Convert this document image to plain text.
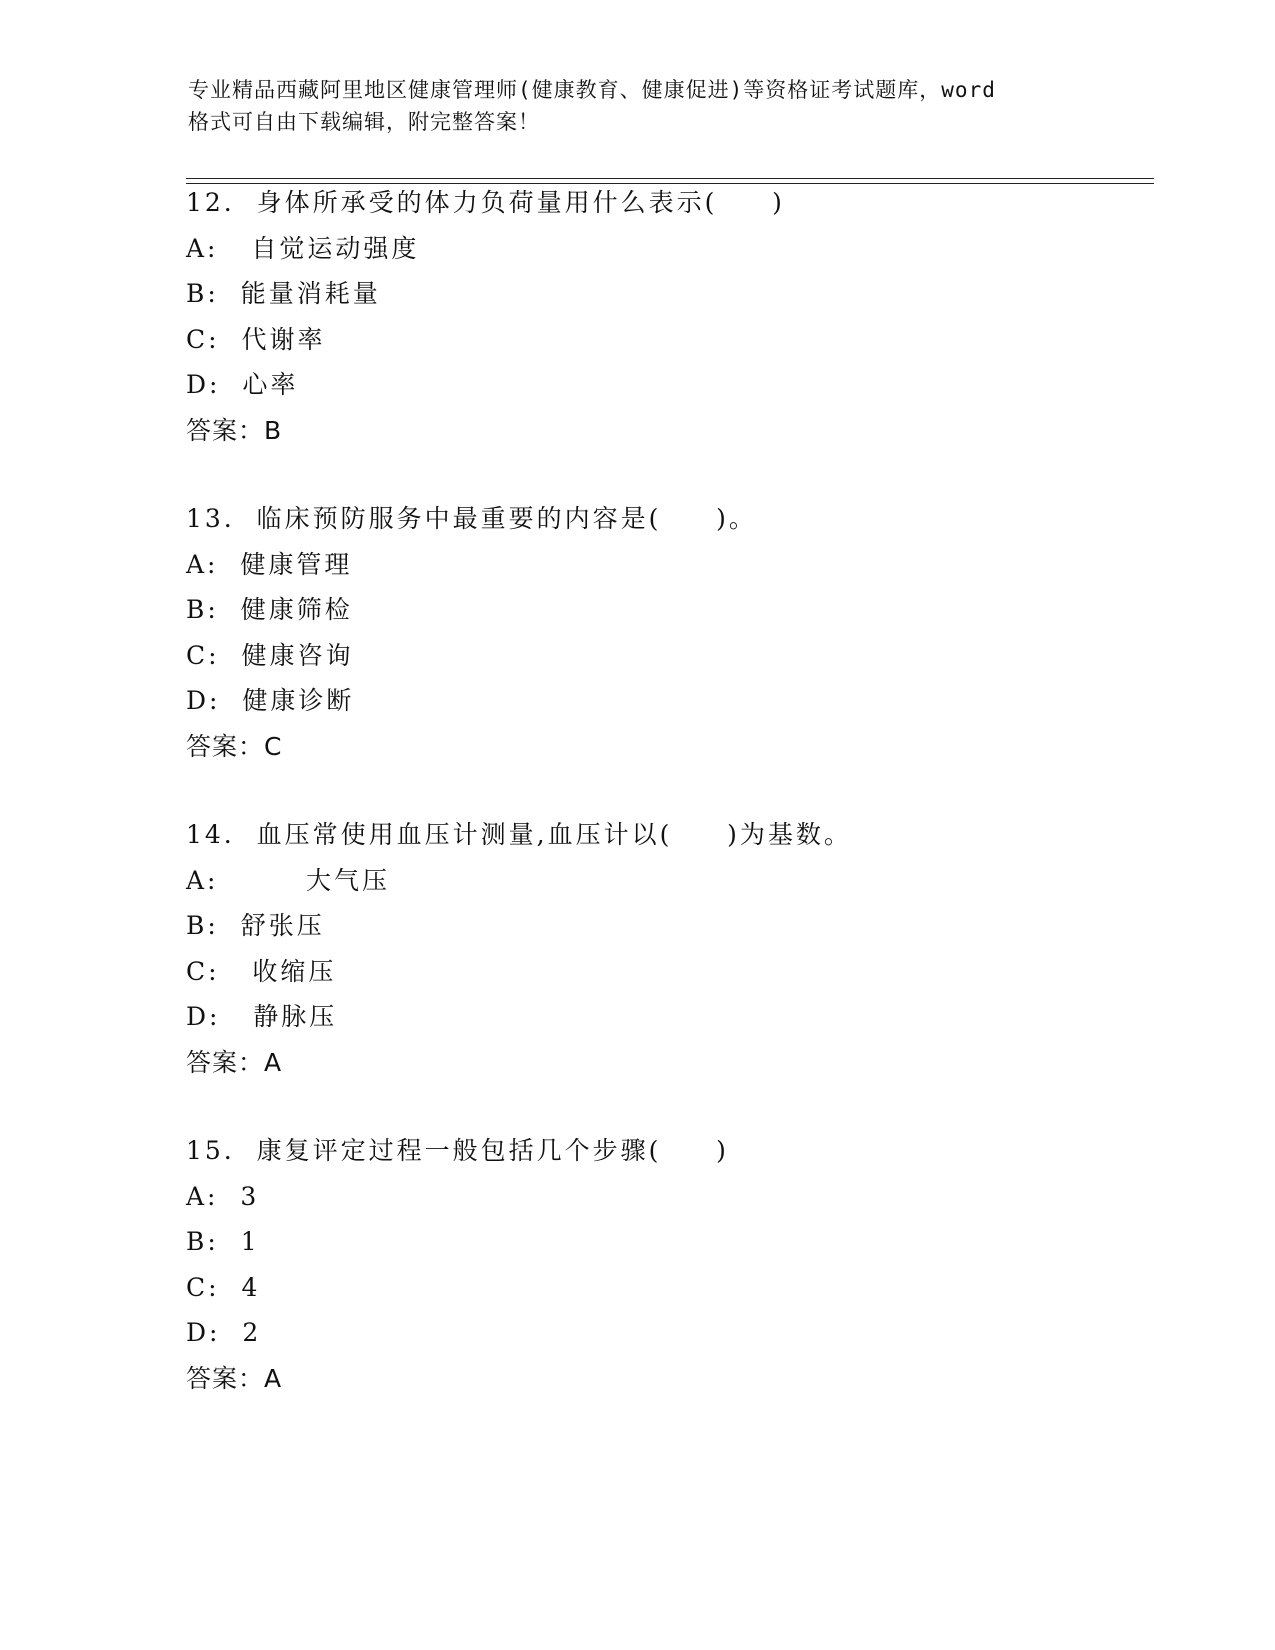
专业精品西藏阿里地区健康管理师(健康教育、健康促进)等资格证考试题库，word
格式可自由下载编辑，附完整答案！
12.  身体所承受的体力负荷量用什么表示(     )
A:   自觉运动强度
B:  能量消耗量
C:  代谢率
D:  心率
答案：B
13.  临床预防服务中最重要的内容是(     )。
A:  健康管理
B:  健康筛检
C:  健康咨询
D:  健康诊断
答案：C
14.  血压常使用血压计测量,血压计以(     )为基数。
A:        大气压
B:  舒张压
C:   收缩压
D:   静脉压
答案：A
15.  康复评定过程一般包括几个步骤(     )
A:  3
B:  1
C:  4
D:  2
答案：A
